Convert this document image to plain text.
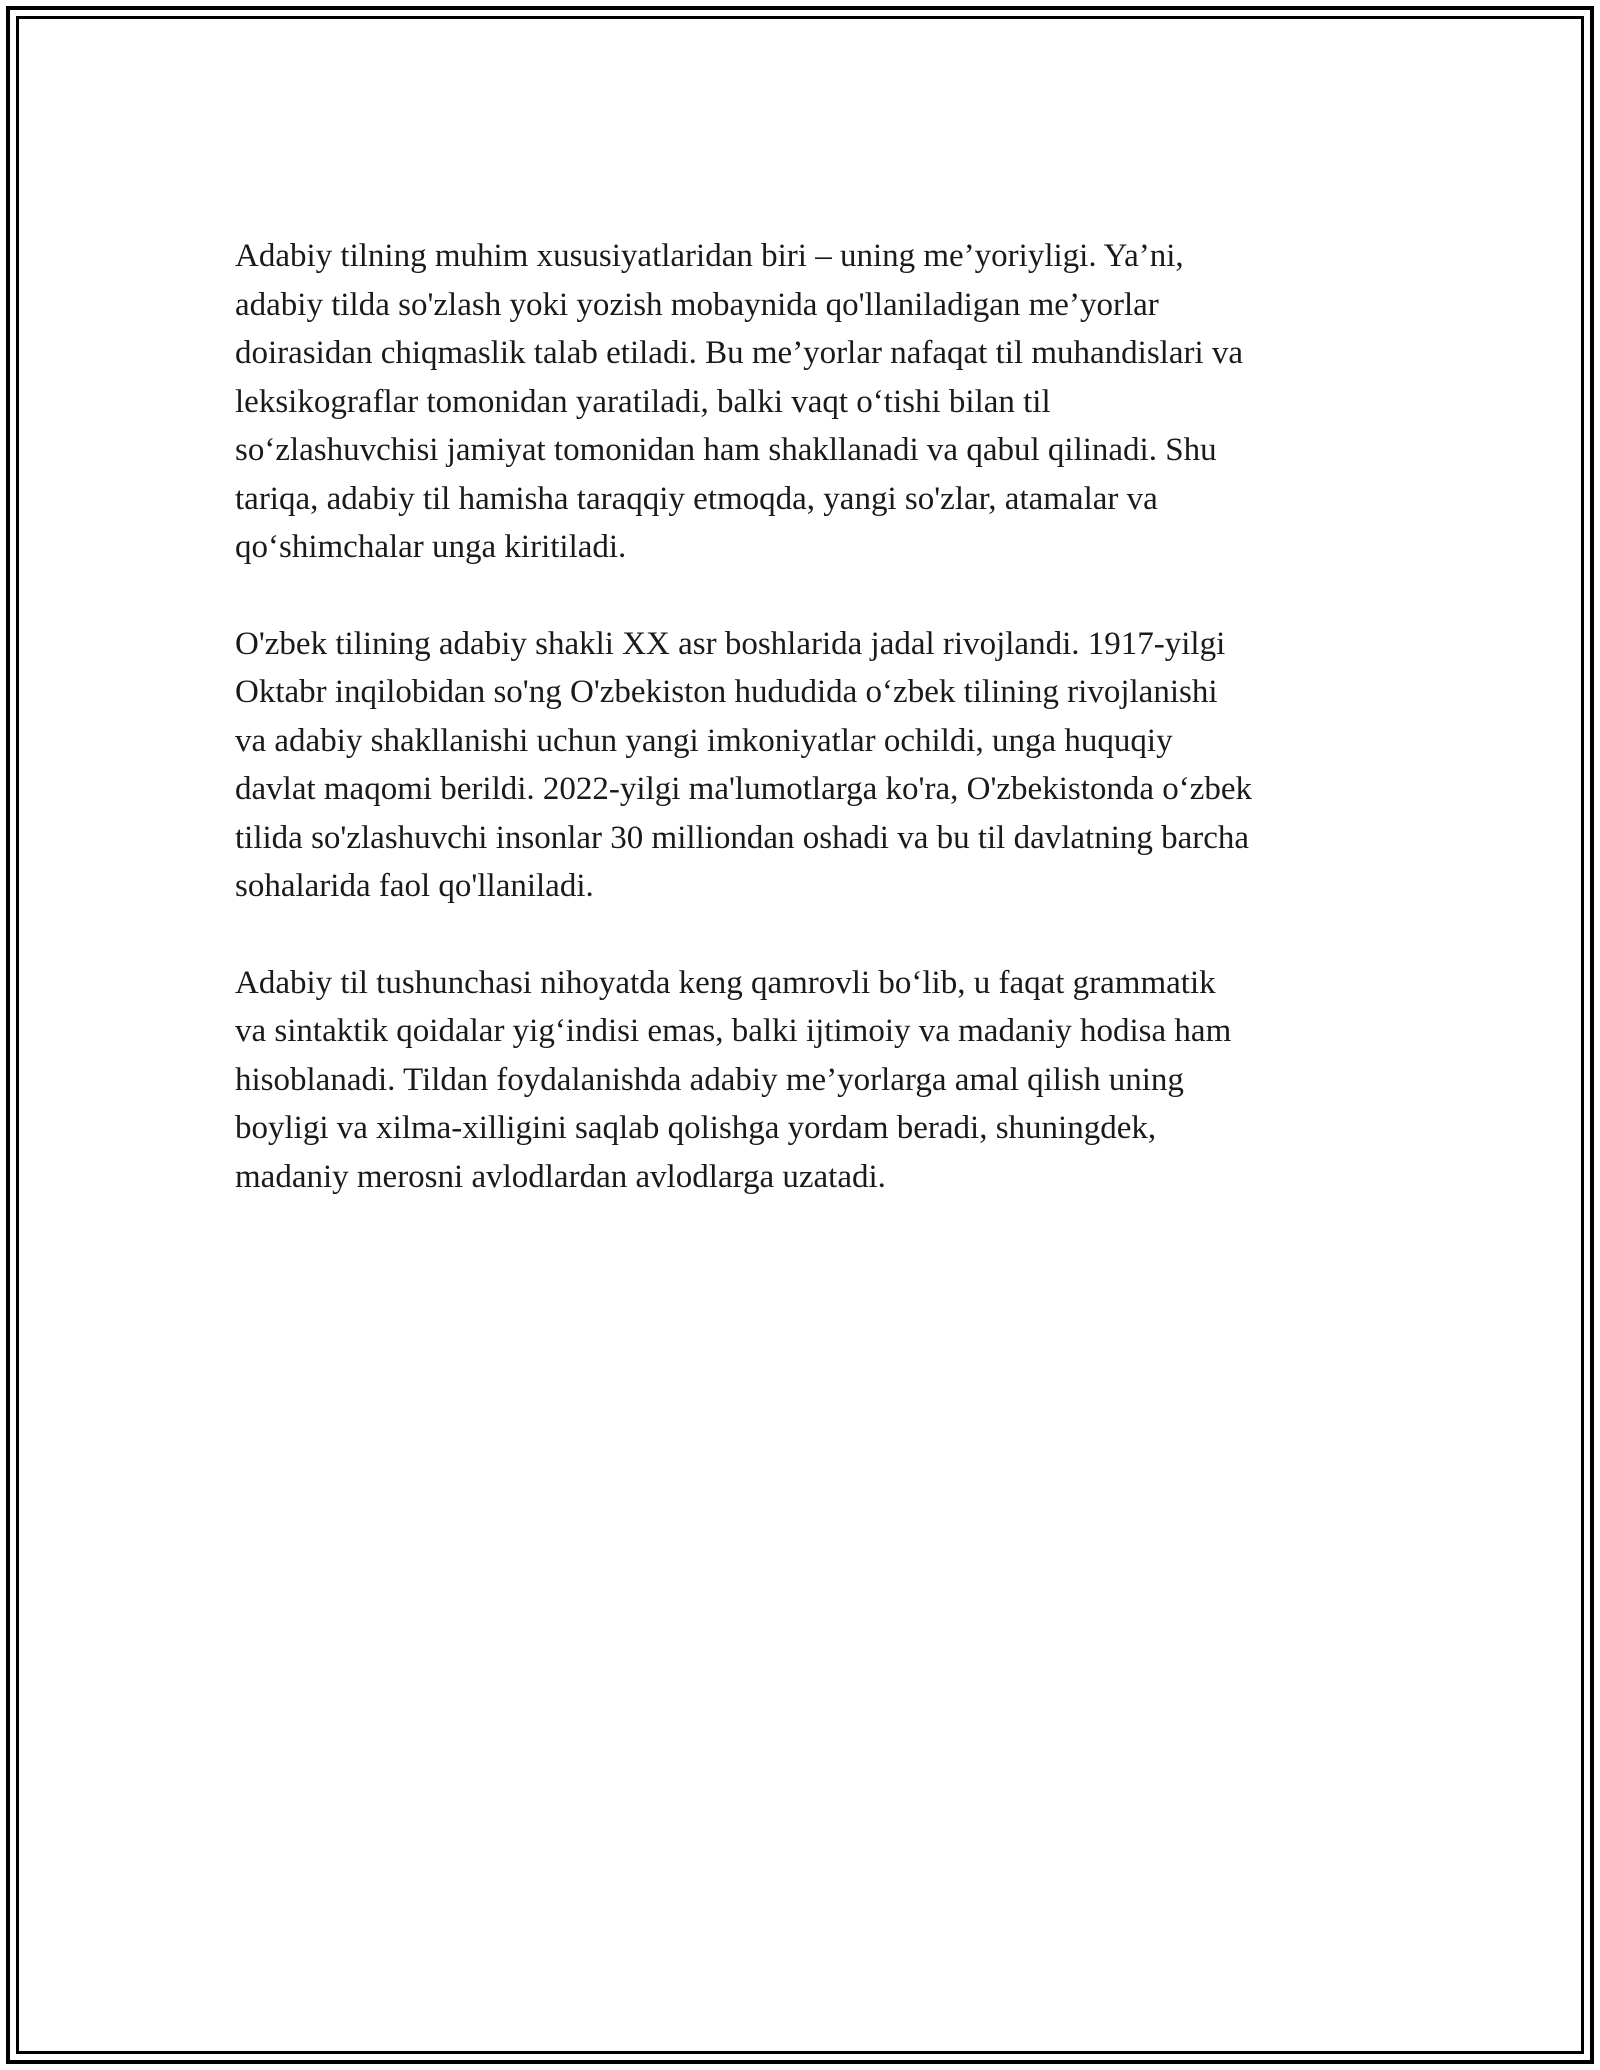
Adabiy tilning muhim xususiyatlaridan biri – uning me’yoriyligi. Ya’ni,
adabiy tilda so'zlash yoki yozish mobaynida qo'llaniladigan me’yorlar
doirasidan chiqmaslik talab etiladi. Bu me’yorlar nafaqat til muhandislari va
leksikograflar tomonidan yaratiladi, balki vaqt o‘tishi bilan til
so‘zlashuvchisi jamiyat tomonidan ham shakllanadi va qabul qilinadi. Shu
tariqa, adabiy til hamisha taraqqiy etmoqda, yangi so'zlar, atamalar va
qo‘shimchalar unga kiritiladi.

O'zbek tilining adabiy shakli XX asr boshlarida jadal rivojlandi. 1917-yilgi
Oktabr inqilobidan so'ng O'zbekiston hududida o‘zbek tilining rivojlanishi
va adabiy shakllanishi uchun yangi imkoniyatlar ochildi, unga huquqiy
davlat maqomi berildi. 2022-yilgi ma'lumotlarga ko'ra, O'zbekistonda o‘zbek
tilida so'zlashuvchi insonlar 30 milliondan oshadi va bu til davlatning barcha
sohalarida faol qo'llaniladi.

Adabiy til tushunchasi nihoyatda keng qamrovli bo‘lib, u faqat grammatik
va sintaktik qoidalar yig‘indisi emas, balki ijtimoiy va madaniy hodisa ham
hisoblanadi. Tildan foydalanishda adabiy me’yorlarga amal qilish uning
boyligi va xilma-xilligini saqlab qolishga yordam beradi, shuningdek,
madaniy merosni avlodlardan avlodlarga uzatadi.
